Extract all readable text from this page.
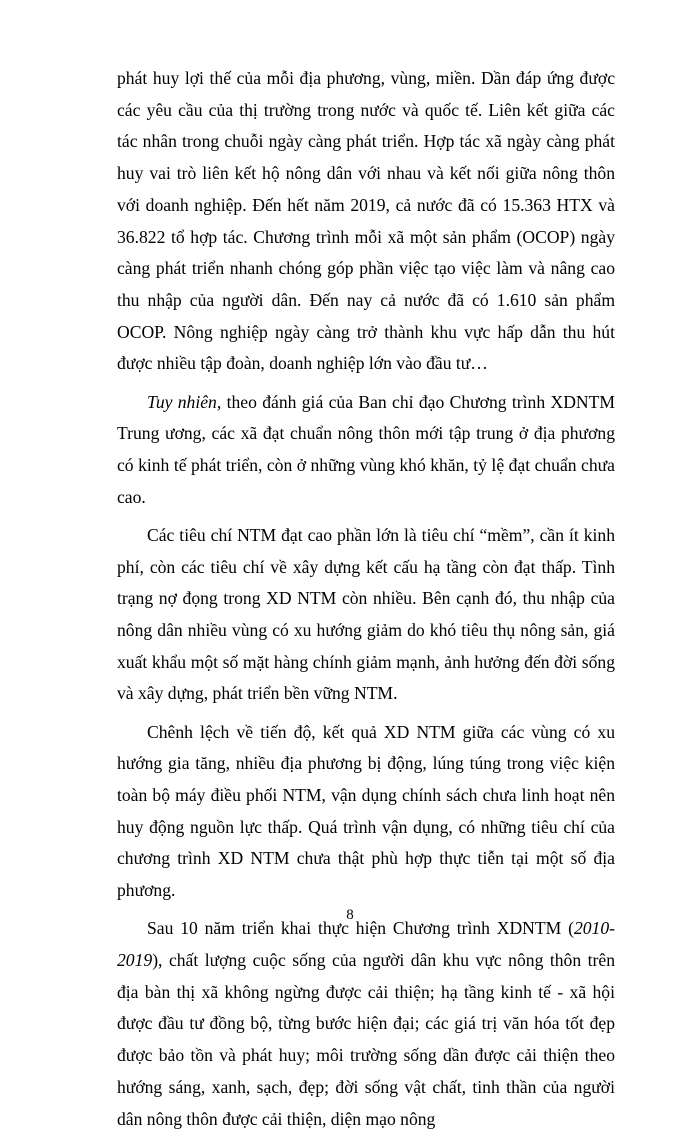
phát huy lợi thế của mỗi địa phương, vùng, miền. Dần đáp ứng được các yêu cầu của thị trường trong nước và quốc tế. Liên kết giữa các tác nhân trong chuỗi ngày càng phát triển. Hợp tác xã ngày càng phát huy vai trò liên kết hộ nông dân với nhau và kết nối giữa nông thôn với doanh nghiệp. Đến hết năm 2019, cả nước đã có 15.363 HTX và 36.822 tổ hợp tác. Chương trình mỗi xã một sản phẩm (OCOP) ngày càng phát triển nhanh chóng góp phần việc tạo việc làm và nâng cao thu nhập của người dân. Đến nay cả nước đã có 1.610 sản phẩm OCOP. Nông nghiệp ngày càng trở thành khu vực hấp dẫn thu hút được nhiều tập đoàn, doanh nghiệp lớn vào đầu tư…

Tuy nhiên, theo đánh giá của Ban chỉ đạo Chương trình XDNTM Trung ương, các xã đạt chuẩn nông thôn mới tập trung ở địa phương có kinh tế phát triển, còn ở những vùng khó khăn, tỷ lệ đạt chuẩn chưa cao.

Các tiêu chí NTM đạt cao phần lớn là tiêu chí “mềm”, cần ít kinh phí, còn các tiêu chí về xây dựng kết cấu hạ tầng còn đạt thấp. Tình trạng nợ đọng trong XD NTM còn nhiều. Bên cạnh đó, thu nhập của nông dân nhiều vùng có xu hướng giảm do khó tiêu thụ nông sản, giá xuất khẩu một số mặt hàng chính giảm mạnh, ảnh hưởng đến đời sống và xây dựng, phát triển bền vững NTM.

Chênh lệch về tiến độ, kết quả XD NTM giữa các vùng có xu hướng gia tăng, nhiều địa phương bị động, lúng túng trong việc kiện toàn bộ máy điều phối NTM, vận dụng chính sách chưa linh hoạt nên huy động nguồn lực thấp. Quá trình vận dụng, có những tiêu chí của chương trình XD NTM chưa thật phù hợp thực tiễn tại một số địa phương.

Sau 10 năm triển khai thực hiện Chương trình XDNTM (2010-2019), chất lượng cuộc sống của người dân khu vực nông thôn trên địa bàn thị xã không ngừng được cải thiện; hạ tầng kinh tế - xã hội được đầu tư đồng bộ, từng bước hiện đại; các giá trị văn hóa tốt đẹp được bảo tồn và phát huy; môi trường sống dần được cải thiện theo hướng sáng, xanh, sạch, đẹp; đời sống vật chất, tinh thần của người dân nông thôn được cải thiện, diện mạo nông

8
